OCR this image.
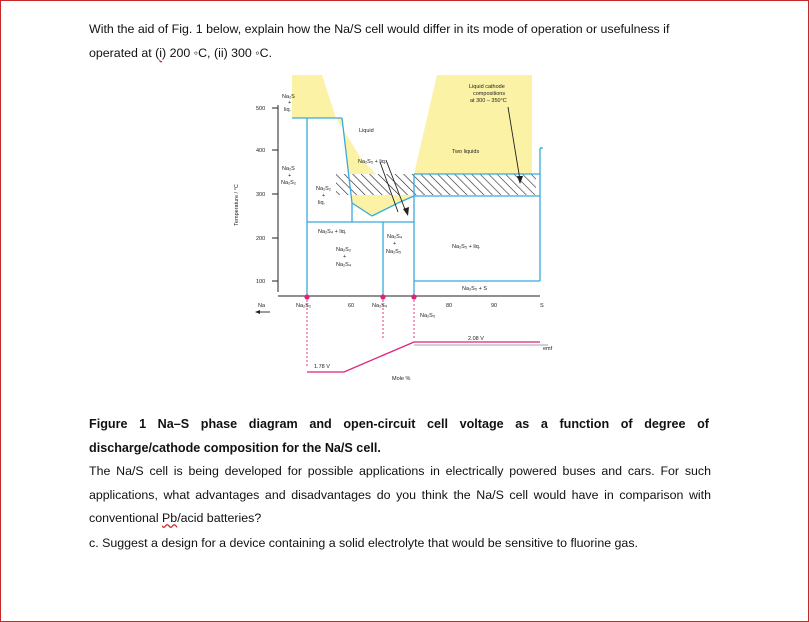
With the aid of Fig. 1 below, explain how the Na/S cell would differ in its mode of operation or usefulness if operated at (i) 200 ◦C, (ii) 300 ◦C.

500
400
300
200
100
60	80	90	S
Na
Mole %
emf
1.78 V
2.08 V
Temperature / °C
Na₂S₂	Na₂S₄
Na₂S₅
Liquid
Two liquids
Liquid cathode
compositions
at 300 – 350°C
Na₂S₅ + liq.
Na₂S₅ + liq.
Na₂S₅ + S
Na₂S
+
liq.
Na₂S
+
Na₂S₂
Na₂S₂
+
liq.
Na₂S₄ + liq.
Na₂S₂
+
Na₂S₄
Na₂S₄
+
Na₂S₅

Figure 1 Na–S phase diagram and open-circuit cell voltage as a function of degree of discharge/cathode composition for the Na/S cell.

The Na/S cell is being developed for possible applications in electrically powered buses and cars. For such applications, what advantages and disadvantages do you think the Na/S cell would have in comparison with conventional Pb/acid batteries?

c. Suggest a design for a device containing a solid electrolyte that would be sensitive to fluorine gas.
